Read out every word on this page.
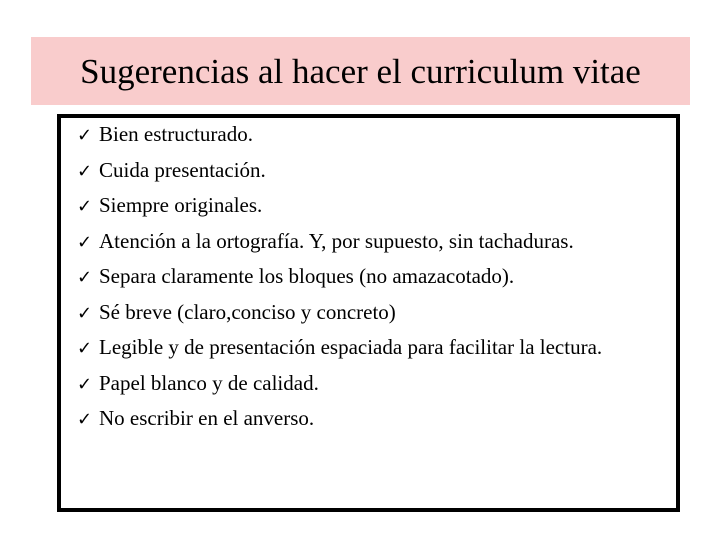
Sugerencias al hacer el curriculum vitae
✓ Bien estructurado.
✓ Cuida presentación.
✓ Siempre originales.
✓ Atención a la ortografía. Y, por supuesto, sin tachaduras.
✓ Separa claramente los bloques (no amazacotado).
✓ Sé breve (claro,conciso y concreto)
✓ Legible y de presentación espaciada para facilitar la lectura.
✓ Papel blanco y de calidad.
✓ No escribir en el anverso.
